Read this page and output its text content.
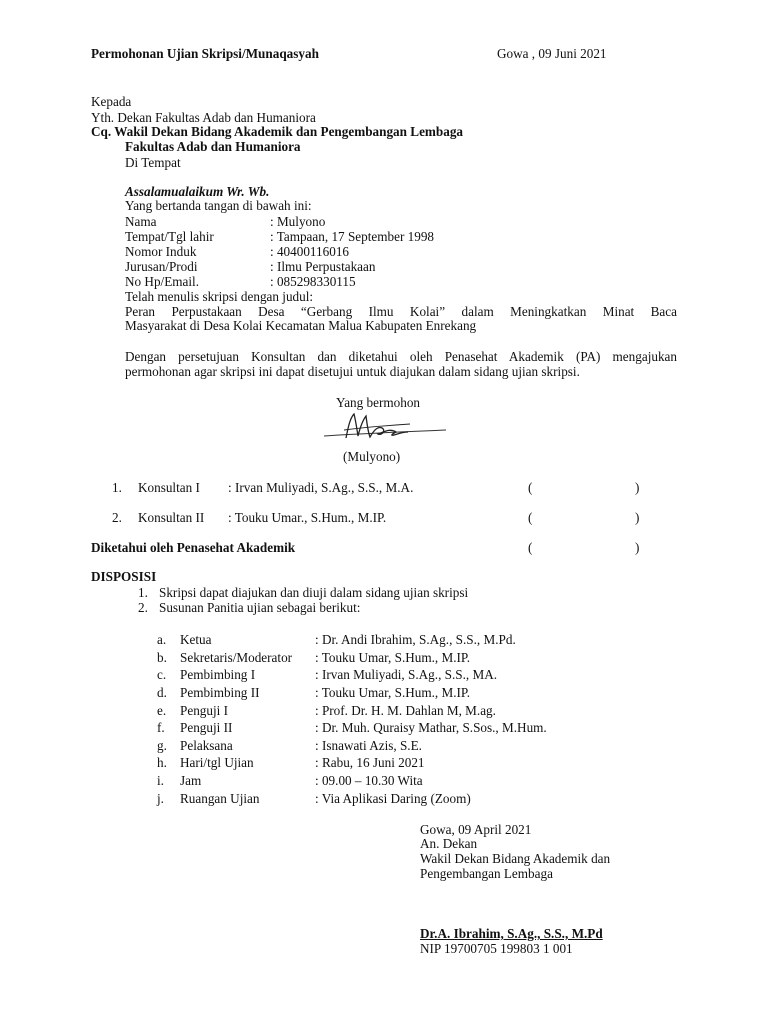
Permohonan Ujian Skripsi/Munaqasyah	Gowa , 09 Juni 2021
Kepada
Yth. Dekan Fakultas Adab dan Humaniora
Cq. Wakil Dekan Bidang Akademik dan Pengembangan Lembaga
Fakultas Adab dan Humaniora
Di Tempat
Assalamualaikum Wr. Wb.
Yang bertanda tangan di bawah ini:
Nama	: Mulyono
Tempat/Tgl lahir	: Tampaan, 17 September 1998
Nomor Induk	: 40400116016
Jurusan/Prodi	: Ilmu Perpustakaan
No Hp/Email.	: 085298330115
Telah menulis skripsi dengan judul:
Peran Perpustakaan Desa “Gerbang Ilmu Kolai” dalam Meningkatkan Minat Baca
Masyarakat di Desa Kolai Kecamatan Malua Kabupaten Enrekang
Dengan persetujuan Konsultan dan diketahui oleh Penasehat Akademik (PA) mengajukan
permohonan agar skripsi ini dapat disetujui untuk diajukan dalam sidang ujian skripsi.
Yang bermohon
(Mulyono)
1. Konsultan I : Irvan Muliyadi, S.Ag., S.S., M.A.	(	)
2. Konsultan II : Touku Umar., S.Hum., M.IP.	(	)
Diketahui oleh Penasehat Akademik	(	)
DISPOSISI
1. Skripsi dapat diajukan dan diuji dalam sidang ujian skripsi
2. Susunan Panitia ujian sebagai berikut:
a. Ketua	: Dr. Andi Ibrahim, S.Ag., S.S., M.Pd.
b. Sekretaris/Moderator : Touku Umar, S.Hum., M.IP.
c. Pembimbing I	: Irvan Muliyadi, S.Ag., S.S., MA.
d. Pembimbing II	: Touku Umar, S.Hum., M.IP.
e. Penguji I	: Prof. Dr. H. M. Dahlan M, M.ag.
f. Penguji II	: Dr. Muh. Quraisy Mathar, S.Sos., M.Hum.
g. Pelaksana	: Isnawati Azis, S.E.
h. Hari/tgl Ujian	: Rabu, 16 Juni 2021
i. Jam	: 09.00 – 10.30 Wita
j. Ruangan Ujian	: Via Aplikasi Daring (Zoom)
Gowa, 09 April 2021
An. Dekan
Wakil Dekan Bidang Akademik dan
Pengembangan Lembaga
Dr.A. Ibrahim, S.Ag., S.S., M.Pd
NIP 19700705 199803 1 001
